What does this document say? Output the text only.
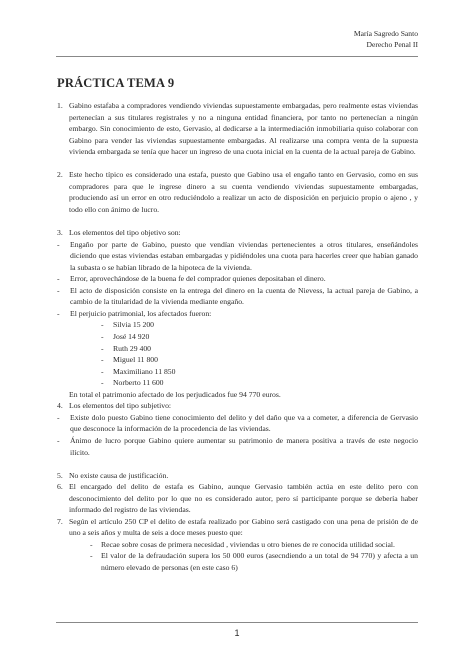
María Sagredo Santo
Derecho Penal II
PRÁCTICA TEMA 9
1. Gabino estafaba a compradores vendiendo viviendas supuestamente embargadas, pero realmente estas viviendas pertenecían a sus titulares registrales y no a ninguna entidad financiera, por tanto no pertenecían a ningún embargo. Sin conocimiento de esto, Gervasio, al dedicarse a la intermediación inmobiliaria quiso colaborar con Gabino para vender las viviendas supuestamente embargadas. Al realizarse una compra venta de la supuesta vivienda embargada se tenía que hacer un ingreso de una cuota inicial en la cuenta de la actual pareja de Gabino.
2. Este hecho típico es considerado una estafa, puesto que Gabino usa el engaño tanto en Gervasio, como en sus compradores para que le ingrese dinero a su cuenta vendiendo viviendas supuestamente embargadas, produciendo así un error en otro reduciéndolo a realizar un acto de disposición en perjuicio propio o ajeno , y todo ello con ánimo de lucro.
3. Los elementos del tipo objetivo son:
- Engaño por parte de Gabino, puesto que vendían viviendas pertenecientes a otros titulares, enseñándoles diciendo que estas viviendas estaban embargadas y pidiéndoles una cuota para hacerles creer que habían ganado la subasta o se habían librado de la hipoteca de la vivienda.
- Error, aprovechándose de la buena fe del comprador quienes depositaban el dinero.
- El acto de disposición consiste en la entrega del dinero en la cuenta de Nievess, la actual pareja de Gabino, a cambio de la titularidad de la vivienda mediante engaño.
- El perjuicio patrimonial, los afectados fueron:
- Silvia 15 200
- José 14 920
- Ruth 29 400
- Miguel 11 800
- Maximiliano 11 850
- Norberto 11 600
En total el patrimonio afectado de los perjudicados fue 94 770 euros.
4. Los elementos del tipo subjetivo:
- Existe dolo puesto Gabino tiene conocimiento del delito y del daño que va a cometer, a diferencia de Gervasio que desconoce la información de la procedencia de las viviendas.
- Ánimo de lucro porque Gabino quiere aumentar su patrimonio de manera positiva a través de este negocio ilícito.
5. No existe causa de justificación.
6. El encargado del delito de estafa es Gabino, aunque Gervasio también actúa en este delito pero con desconocimiento del delito por lo que no es considerado autor, pero sí participante porque se debería haber informado del registro de las viviendas.
7. Según el artículo 250 CP el delito de estafa realizado por Gabino será castigado con una pena de prisión de de uno a seis años y multa de seis a doce meses puesto que:
- Recae sobre cosas de primera necesidad , viviendas u otro bienes de re conocida utilidad social.
- El valor de la defraudación supera los 50 000 euros (asecndiendo a un total de 94 770) y afecta a un número elevado de personas (en este caso 6)
1
